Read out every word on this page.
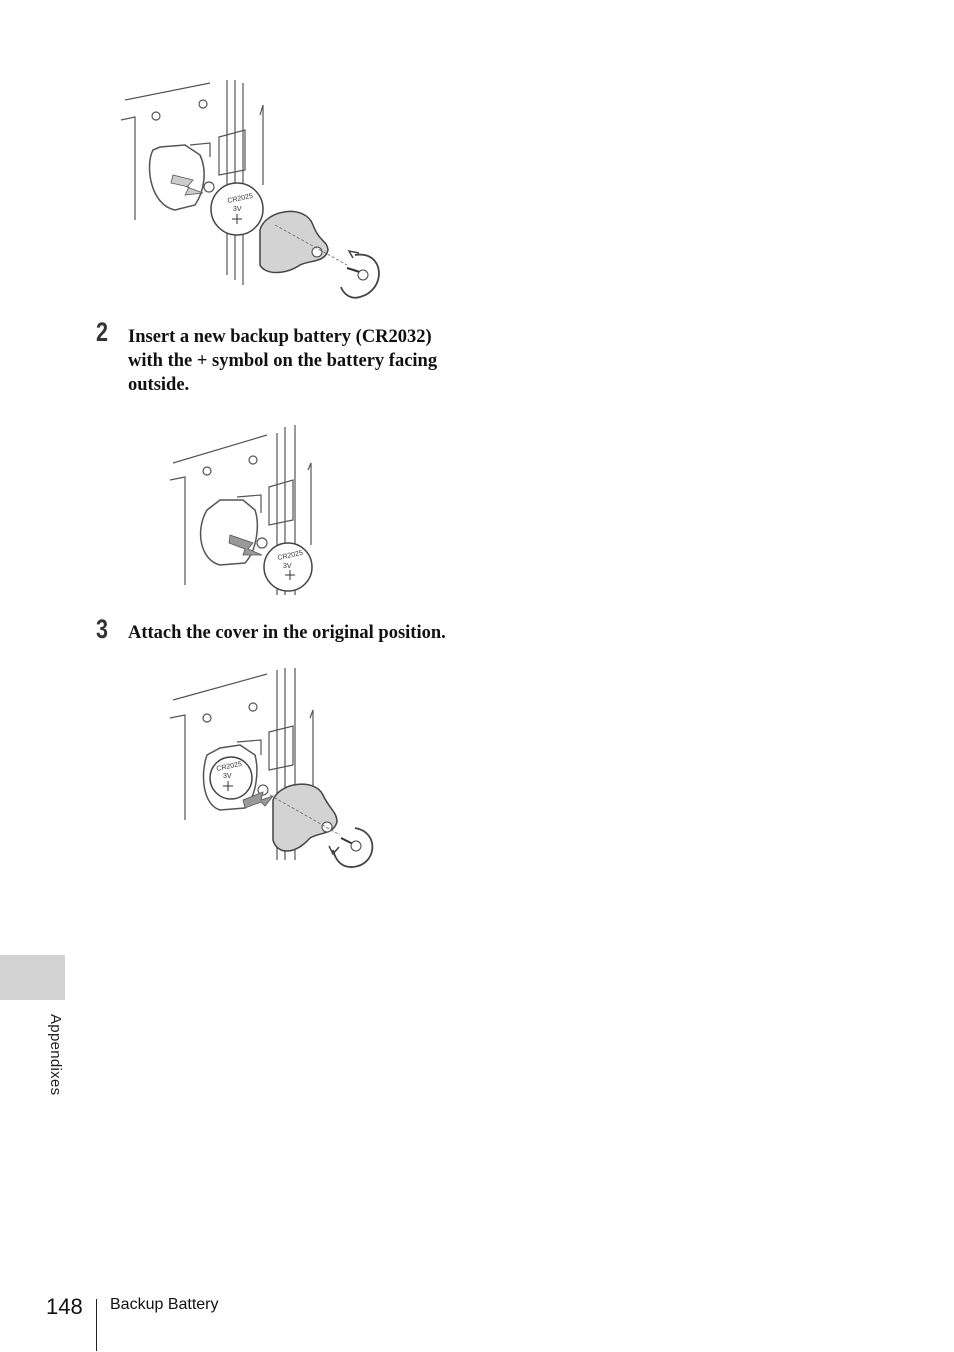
CR2025
3V
2 Insert a new backup battery (CR2032) with the + symbol on the battery facing outside.
CR2025
3V
3 Attach the cover in the original position.
CR2025
3V
Appendixes
148 Backup Battery
